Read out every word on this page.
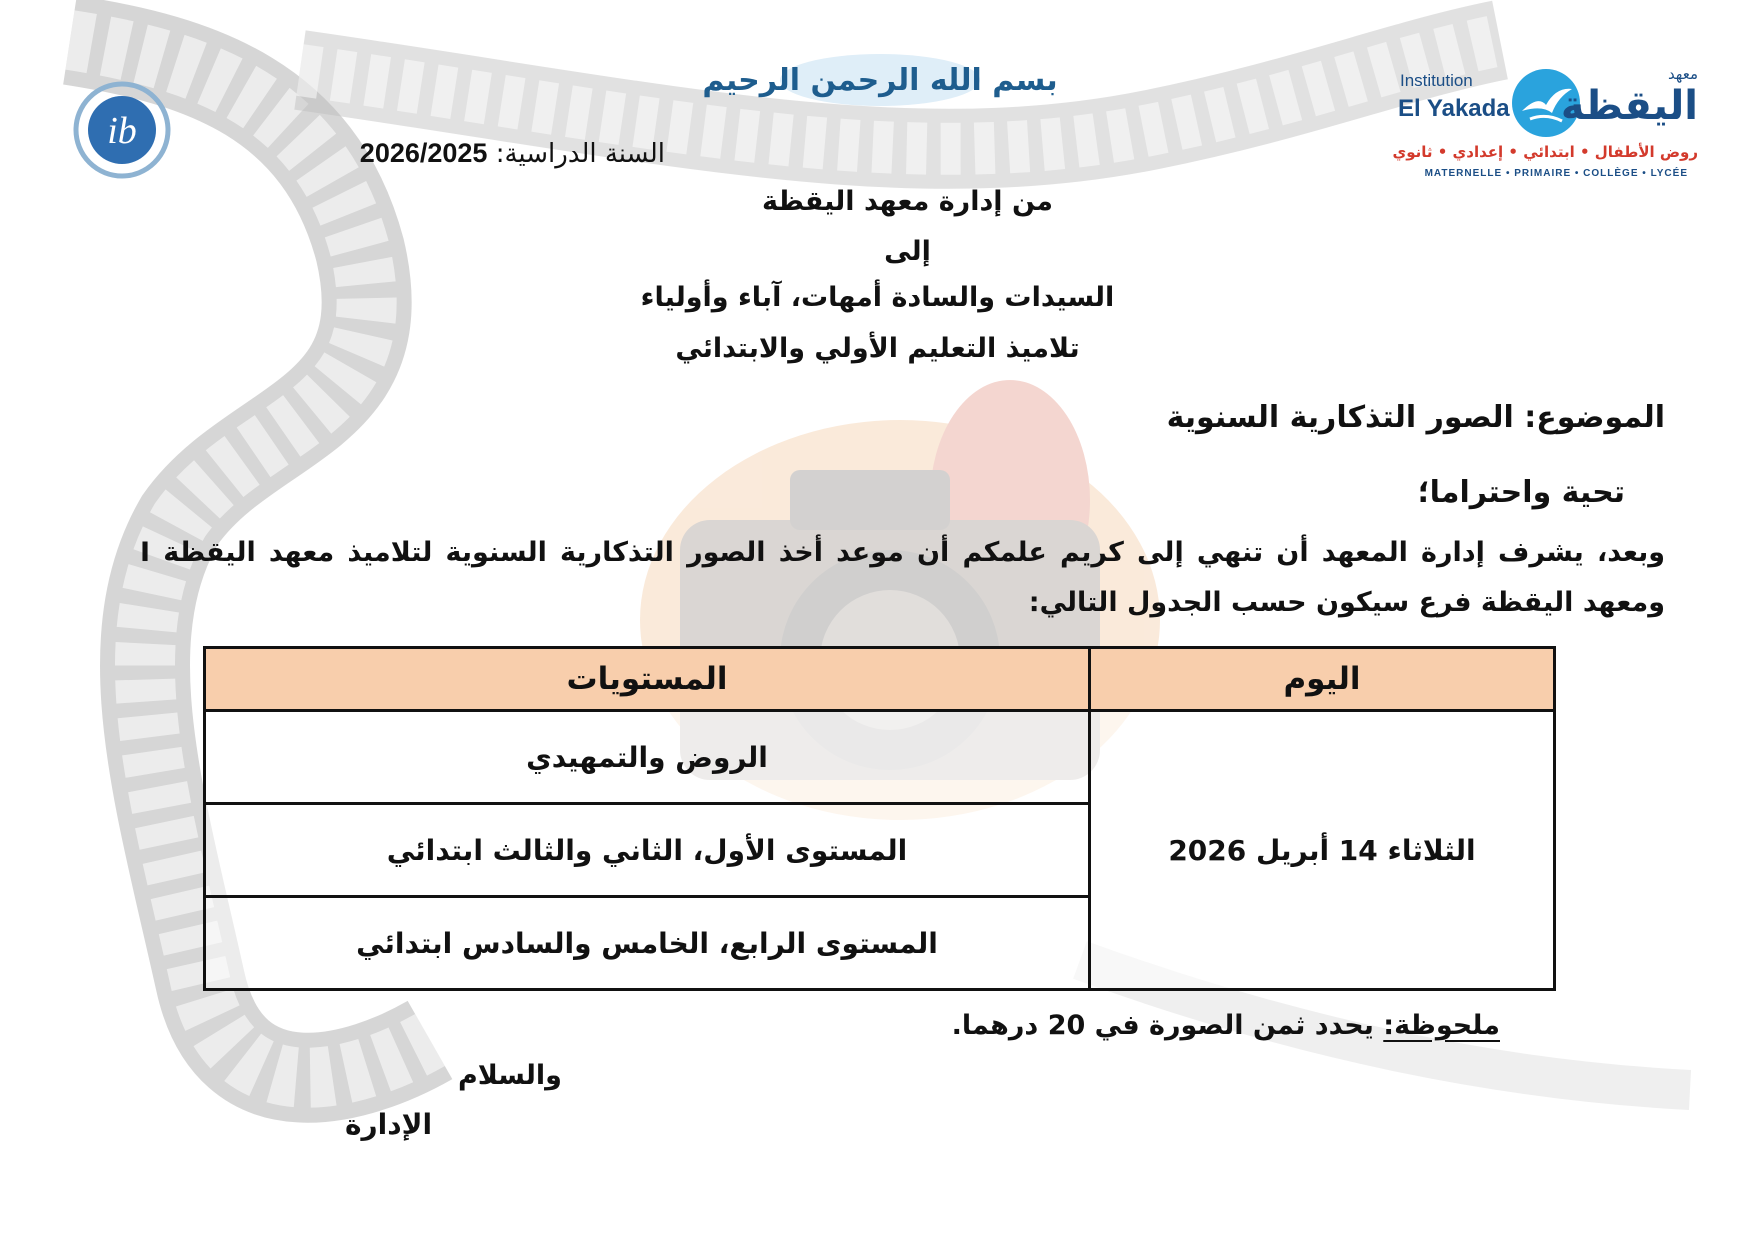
ib
بسم الله الرحمن الرحيم	Institution
El Yakada
معهد
اليقظة
روض الأطفال • ابتدائي • إعدادي • ثانوي
MATERNELLE • PRIMAIRE • COLLÈGE • LYCÉE
السنة الدراسية: 2026/2025
من إدارة معهد اليقظة
إلى
السيدات والسادة أمهات، آباء وأولياء
تلاميذ التعليم الأولي والابتدائي
الموضوع: الصور التذكارية السنوية
تحية واحتراما؛
وبعد، يشرف إدارة المعهد أن تنهي إلى كريم علمكم أن موعد أخذ الصور التذكارية السنوية لتلاميذ معهد اليقظة I ومعهد اليقظة فرع سيكون حسب الجدول التالي:
اليوم	المستويات
الثلاثاء 14 أبريل 2026	الروض والتمهيدي
	المستوى الأول، الثاني والثالث ابتدائي
	المستوى الرابع، الخامس والسادس ابتدائي
ملحوظة: يحدد ثمن الصورة في 20 درهما.
والسلام
الإدارة
